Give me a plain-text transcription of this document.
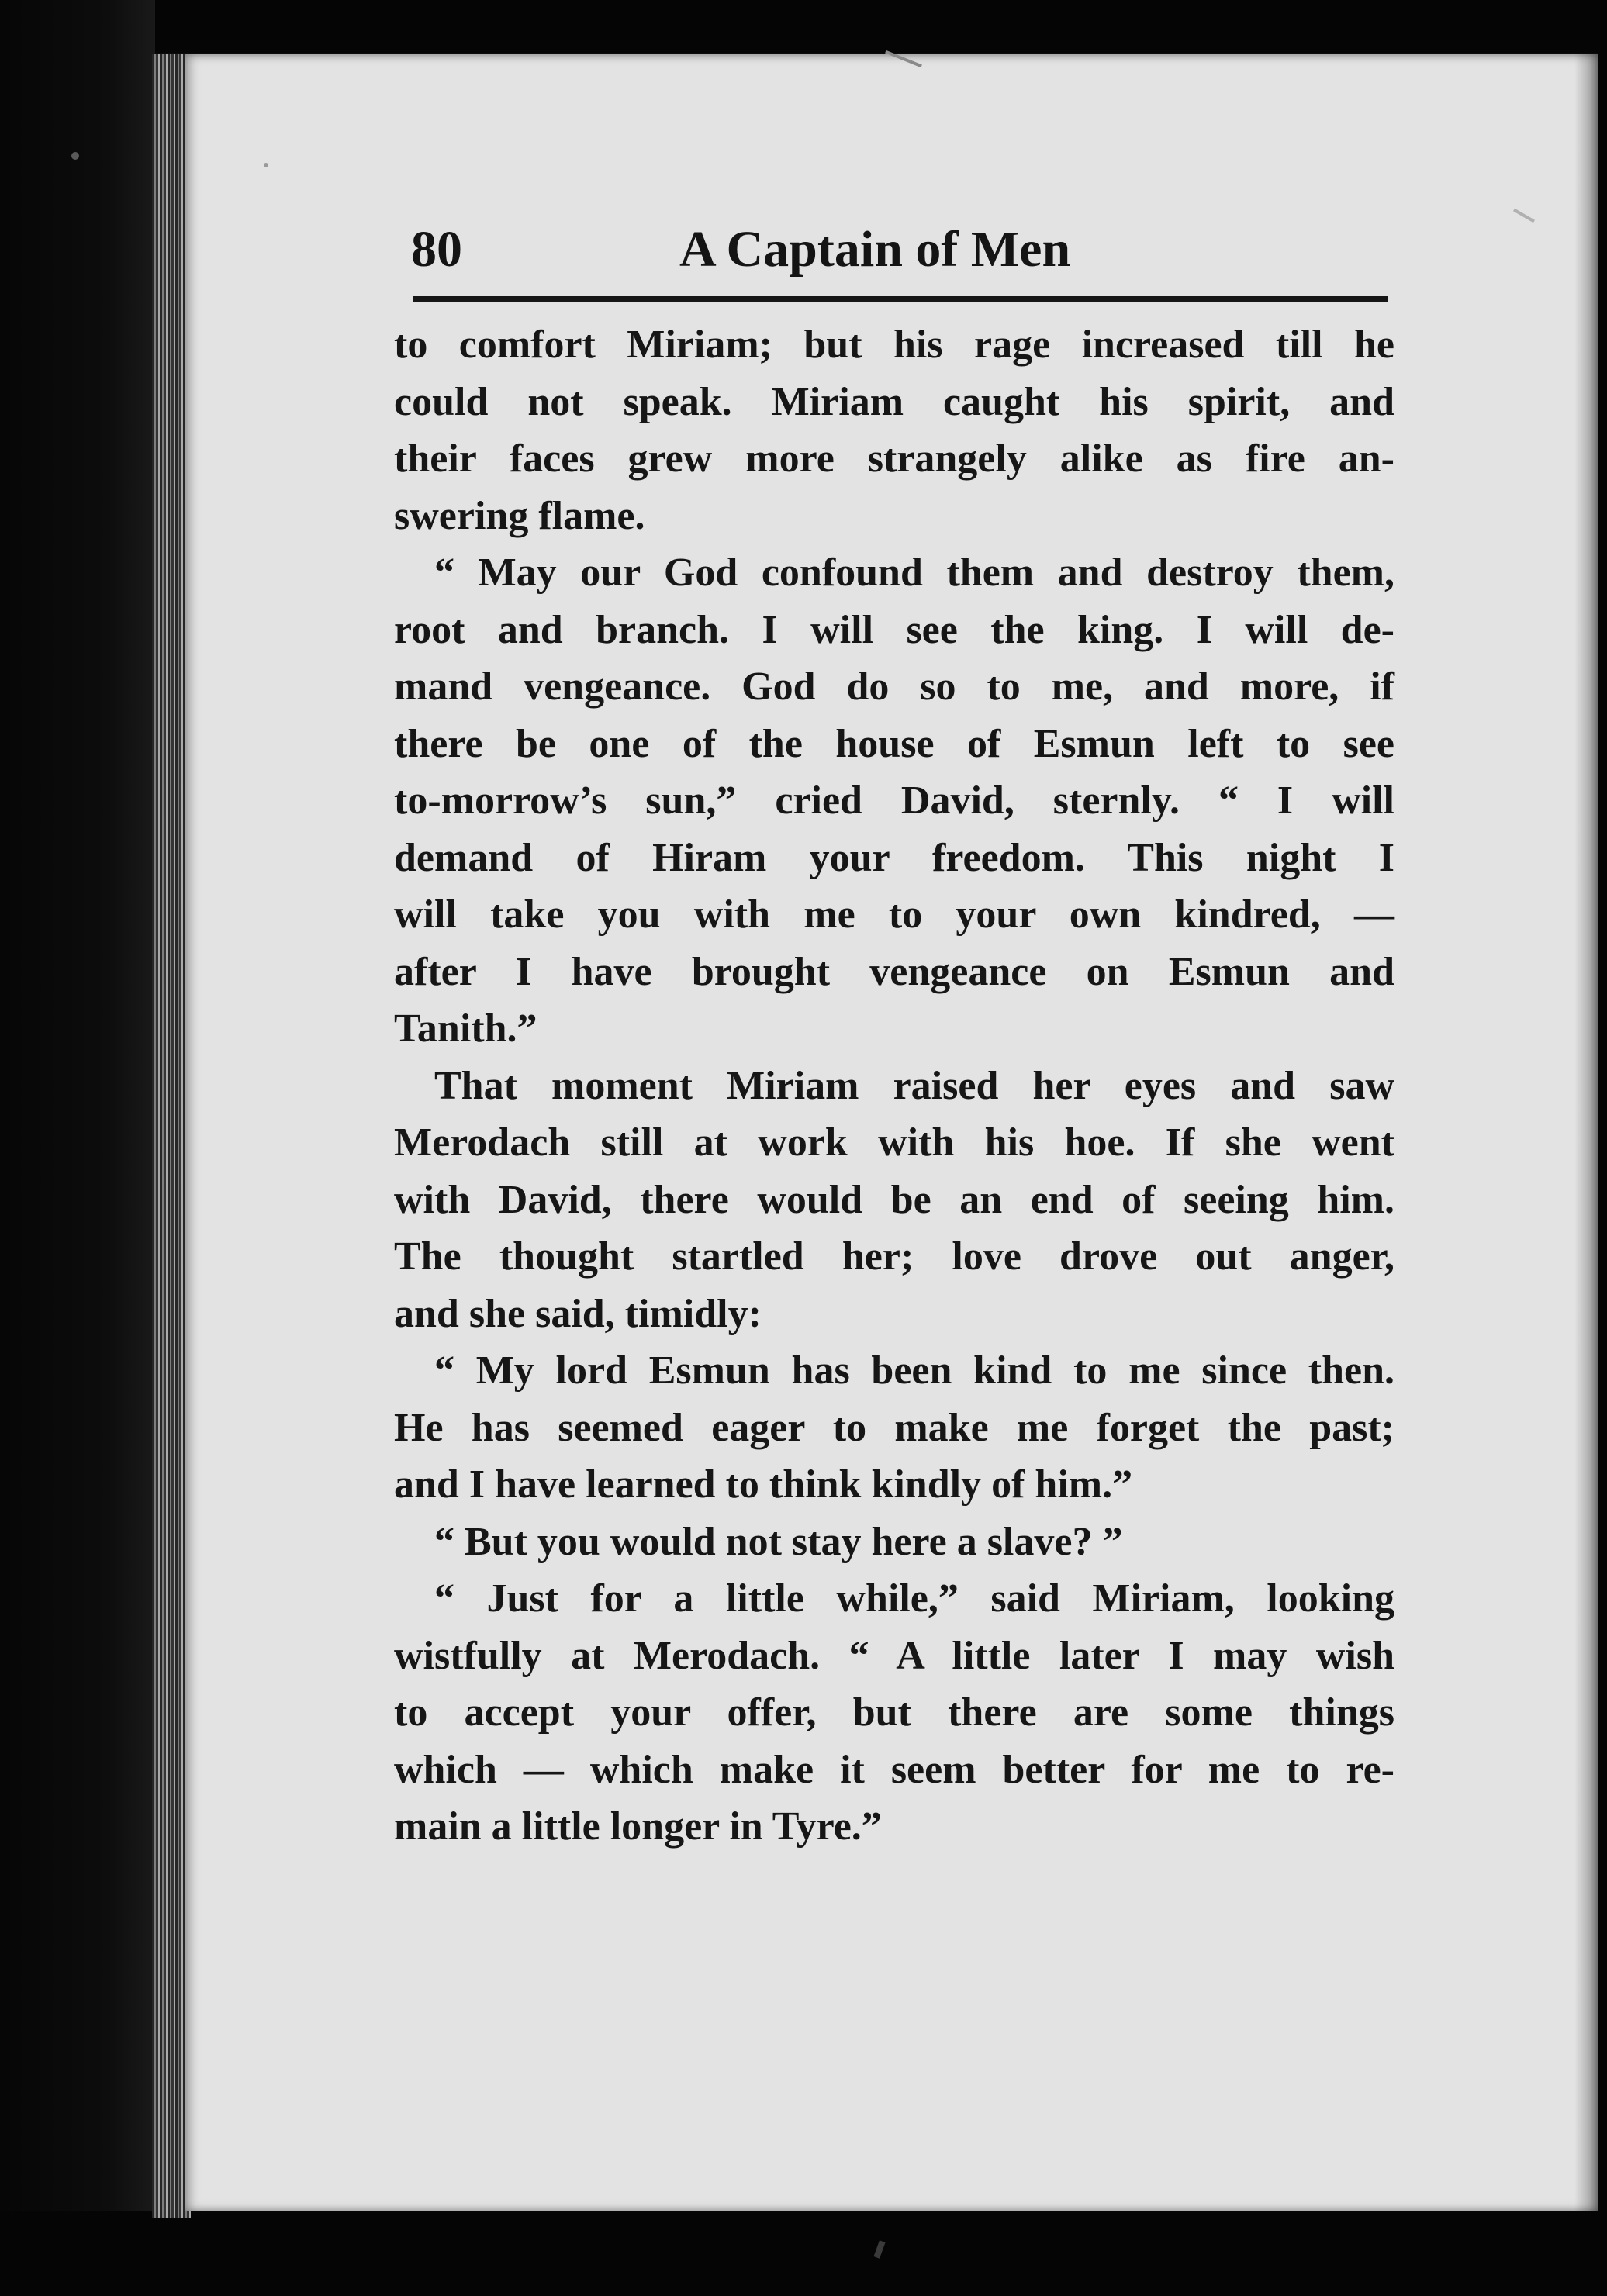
80	A Captain of Men
to comfort Miriam; but his rage increased till he
could not speak. Miriam caught his spirit, and
their faces grew more strangely alike as fire an-
swering flame.
“ May our God confound them and destroy them,
root and branch. I will see the king. I will de-
mand vengeance. God do so to me, and more, if
there be one of the house of Esmun left to see
to-morrow’s sun,” cried David, sternly. “ I will
demand of Hiram your freedom. This night I
will take you with me to your own kindred, —
after I have brought vengeance on Esmun and
Tanith.”
That moment Miriam raised her eyes and saw
Merodach still at work with his hoe. If she went
with David, there would be an end of seeing him.
The thought startled her; love drove out anger,
and she said, timidly:
“ My lord Esmun has been kind to me since then.
He has seemed eager to make me forget the past;
and I have learned to think kindly of him.”
“ But you would not stay here a slave? ”
“ Just for a little while,” said Miriam, looking
wistfully at Merodach. “ A little later I may wish
to accept your offer, but there are some things
which — which make it seem better for me to re-
main a little longer in Tyre.”
